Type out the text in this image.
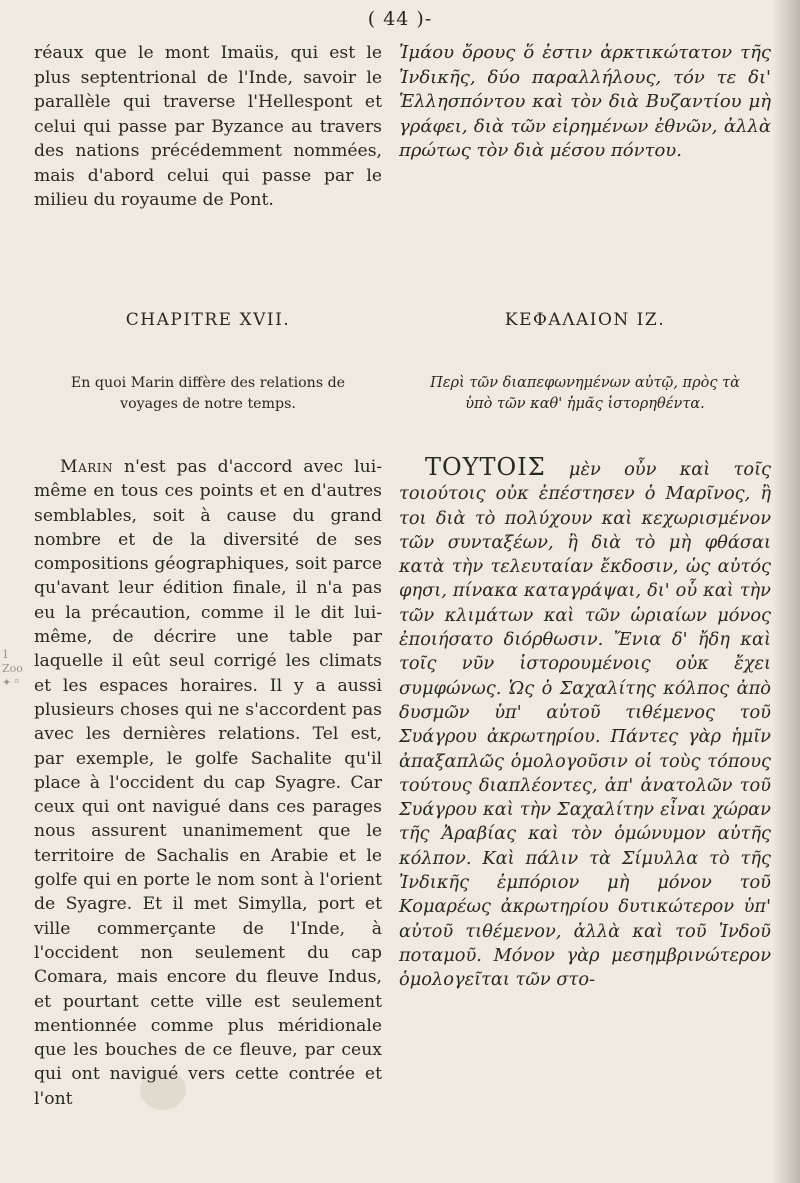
( 44 )-
1 Zoo ✦ ⁿ

réaux que le mont Imaüs, qui est le plus septentrional de l'Inde, savoir le parallèle qui traverse l'Hellespont et celui qui passe par Byzance au travers des nations précédemment nommées, mais d'abord celui qui passe par le milieu du royaume de Pont.

CHAPITRE XVII.

En quoi Marin diffère des relations de voyages de notre temps.

Marin n'est pas d'accord avec lui-même en tous ces points et en d'autres semblables, soit à cause du grand nombre et de la diversité de ses compositions géographiques, soit parce qu'avant leur édition finale, il n'a pas eu la précaution, comme il le dit lui-même, de décrire une table par laquelle il eût seul corrigé les climats et les espaces horaires. Il y a aussi plusieurs choses qui ne s'accordent pas avec les dernières relations. Tel est, par exemple, le golfe Sachalite qu'il place à l'occident du cap Syagre. Car ceux qui ont navigué dans ces parages nous assurent unanimement que le territoire de Sachalis en Arabie et le golfe qui en porte le nom sont à l'orient de Syagre. Et il met Simylla, port et ville commerçante de l'Inde, à l'occident non seulement du cap Comara, mais encore du fleuve Indus, et pourtant cette ville est seulement mentionnée comme plus méridionale que les bouches de ce fleuve, par ceux qui ont navigué vers cette contrée et l'ont

Ἰμάου ὄρους ὅ ἐστιν ἀρκτικώτατον τῆς Ἰνδικῆς, δύο παραλλήλους, τόν τε δι' Ἑλλησπόντου καὶ τὸν διὰ Βυζαντίου μὴ γράφει, διὰ τῶν εἰρημένων ἐθνῶν, ἀλλὰ πρώτως τὸν διὰ μέσου πόντου.

ΚΕΦΑΛΑΙΟΝ ΙΖ.

Περὶ τῶν διαπεφωνημένων αὐτῷ, πρὸς τὰ ὑπὸ τῶν καθ' ἡμᾶς ἱστορηθέντα.

ΤΟΥΤΟΙΣ μὲν οὖν καὶ τοῖς τοιούτοις οὐκ ἐπέστησεν ὁ Μαρῖνος, ἢ τοι διὰ τὸ πολύχουν καὶ κεχωρισμένον τῶν συνταξέων, ἢ διὰ τὸ μὴ φθάσαι κατὰ τὴν τελευταίαν ἔκδοσιν, ὡς αὐτός φησι, πίνακα καταγράψαι, δι' οὗ καὶ τὴν τῶν κλιμάτων καὶ τῶν ὡριαίων μόνος ἐποιήσατο διόρθωσιν. Ἔνια δ' ἤδη καὶ τοῖς νῦν ἱστορουμένοις οὐκ ἔχει συμφώνως. Ὡς ὁ Σαχαλίτης κόλπος ἀπὸ δυσμῶν ὑπ' αὐτοῦ τιθέμενος τοῦ Συάγρου ἀκρωτηρίου. Πάντες γὰρ ἡμῖν ἀπαξαπλῶς ὁμολογοῦσιν οἱ τοὺς τόπους τούτους διαπλέοντες, ἀπ' ἀνατολῶν τοῦ Συάγρου καὶ τὴν Σαχαλίτην εἶναι χώραν τῆς Ἀραβίας καὶ τὸν ὁμώνυμον αὐτῆς κόλπον. Καὶ πάλιν τὰ Σίμυλλα τὸ τῆς Ἰνδικῆς ἐμπόριον μὴ μόνον τοῦ Κομαρέως ἀκρωτηρίου δυτικώτερον ὑπ' αὐτοῦ τιθέμενον, ἀλλὰ καὶ τοῦ Ἰνδοῦ ποταμοῦ. Μόνον γὰρ μεσημβρινώτερον ὁμολογεῖται τῶν στο-
